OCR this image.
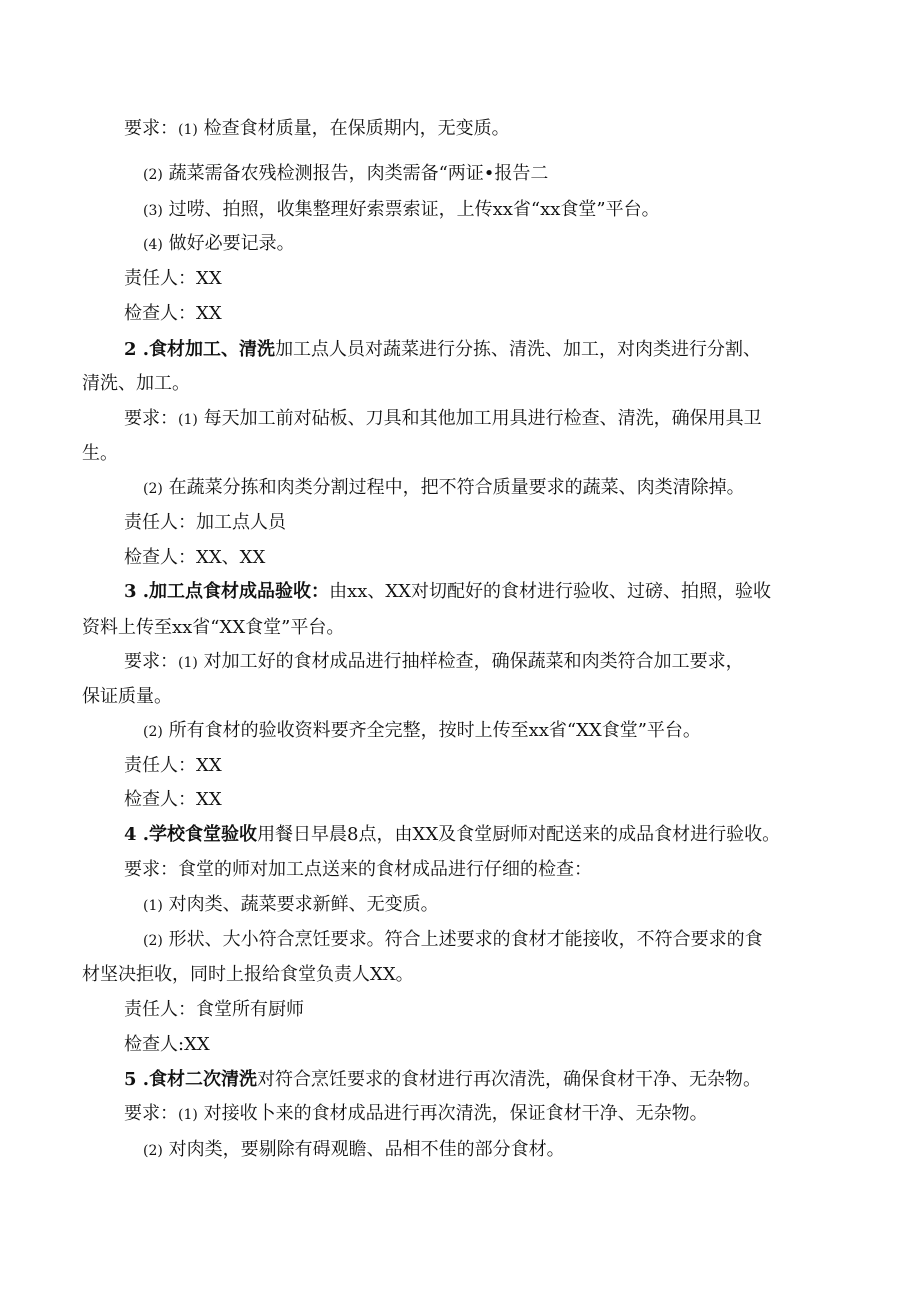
要求：(1) 检查食材质量，在保质期内，无变质。
(2) 蔬菜需备农残检测报告，肉类需备“两证•报告二
(3) 过唠、拍照，收集整理好索票索证，上传xx省“xx食堂”平台。
(4) 做好必要记录。
责任人：XX
检查人：XX
2 .食材加工、清洗加工点人员对蔬菜进行分拣、清洗、加工，对肉类进行分割、
清洗、加工。
要求：(1) 每天加工前对砧板、刀具和其他加工用具进行检查、清洗，确保用具卫
生。
(2) 在蔬菜分拣和肉类分割过程中，把不符合质量要求的蔬菜、肉类清除掉。
责任人：加工点人员
检查人：XX、XX
3 .加工点食材成品验收：由xx、XX对切配好的食材进行验收、过磅、拍照，验收
资料上传至xx省“XX食堂”平台。
要求：(1) 对加工好的食材成品进行抽样检查，确保蔬菜和肉类符合加工要求，
保证质量。
(2) 所有食材的验收资料要齐全完整，按时上传至xx省“XX食堂”平台。
责任人：XX
检查人：XX
4 .学校食堂验收用餐日早晨8点，由XX及食堂厨师对配送来的成品食材进行验收。
要求：食堂的师对加工点送来的食材成品进行仔细的检查：
(1) 对肉类、蔬菜要求新鲜、无变质。
(2) 形状、大小符合烹饪要求。符合上述要求的食材才能接收，不符合要求的食
材坚决拒收，同时上报给食堂负责人XX。
责任人：食堂所有厨师
检查人:XX
5 .食材二次清洗对符合烹饪要求的食材进行再次清洗，确保食材干净、无杂物。
要求：(1) 对接收卜来的食材成品进行再次清洗，保证食材干净、无杂物。
(2) 对肉类，要剔除有碍观瞻、品相不佳的部分食材。
